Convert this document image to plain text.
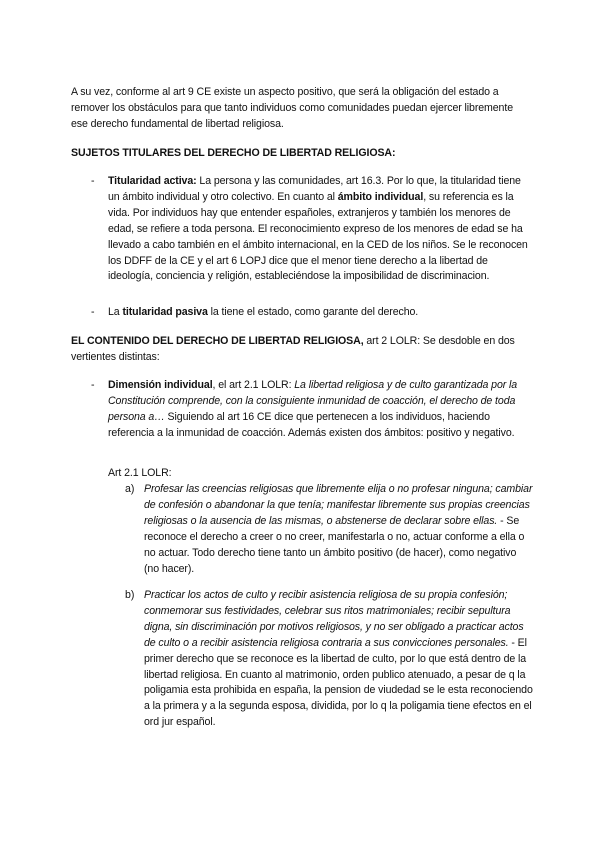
A su vez, conforme al art 9 CE existe un aspecto positivo, que será la obligación del estado a remover los obstáculos para que tanto individuos como comunidades puedan ejercer libremente ese derecho fundamental de libertad religiosa.

SUJETOS TITULARES DEL DERECHO DE LIBERTAD RELIGIOSA:

- Titularidad activa: La persona y las comunidades, art 16.3. Por lo que, la titularidad tiene un ámbito individual y otro colectivo. En cuanto al ámbito individual, su referencia es la vida. Por individuos hay que entender españoles, extranjeros y también los menores de edad, se refiere a toda persona. El reconocimiento expreso de los menores de edad se ha llevado a cabo también en el ámbito internacional, en la CED de los niños. Se le reconocen los DDFF de la CE y el art 6 LOPJ dice que el menor tiene derecho a la libertad de ideología, conciencia y religión, estableciéndose la imposibilidad de discriminacion.

- La titularidad pasiva la tiene el estado, como garante del derecho.

EL CONTENIDO DEL DERECHO DE LIBERTAD RELIGIOSA, art 2 LOLR: Se desdoble en dos vertientes distintas:

- Dimensión individual, el art 2.1 LOLR: La libertad religiosa y de culto garantizada por la Constitución comprende, con la consiguiente inmunidad de coacción, el derecho de toda persona a… Siguiendo al art 16 CE dice que pertenecen a los individuos, haciendo referencia a la inmunidad de coacción. Además existen dos ámbitos: positivo y negativo.

Art 2.1 LOLR:

a) Profesar las creencias religiosas que libremente elija o no profesar ninguna; cambiar de confesión o abandonar la que tenía; manifestar libremente sus propias creencias religiosas o la ausencia de las mismas, o abstenerse de declarar sobre ellas. - Se reconoce el derecho a creer o no creer, manifestarla o no, actuar conforme a ella o no actuar. Todo derecho tiene tanto un ámbito positivo (de hacer), como negativo (no hacer).

b) Practicar los actos de culto y recibir asistencia religiosa de su propia confesión; conmemorar sus festividades, celebrar sus ritos matrimoniales; recibir sepultura digna, sin discriminación por motivos religiosos, y no ser obligado a practicar actos de culto o a recibir asistencia religiosa contraria a sus convicciones personales. - El primer derecho que se reconoce es la libertad de culto, por lo que está dentro de la libertad religiosa. En cuanto al matrimonio, orden publico atenuado, a pesar de q la poligamia esta prohibida en españa, la pension de viudedad se le esta reconociendo a la primera y a la segunda esposa, dividida, por lo q la poligamia tiene efectos en el ord jur español.
